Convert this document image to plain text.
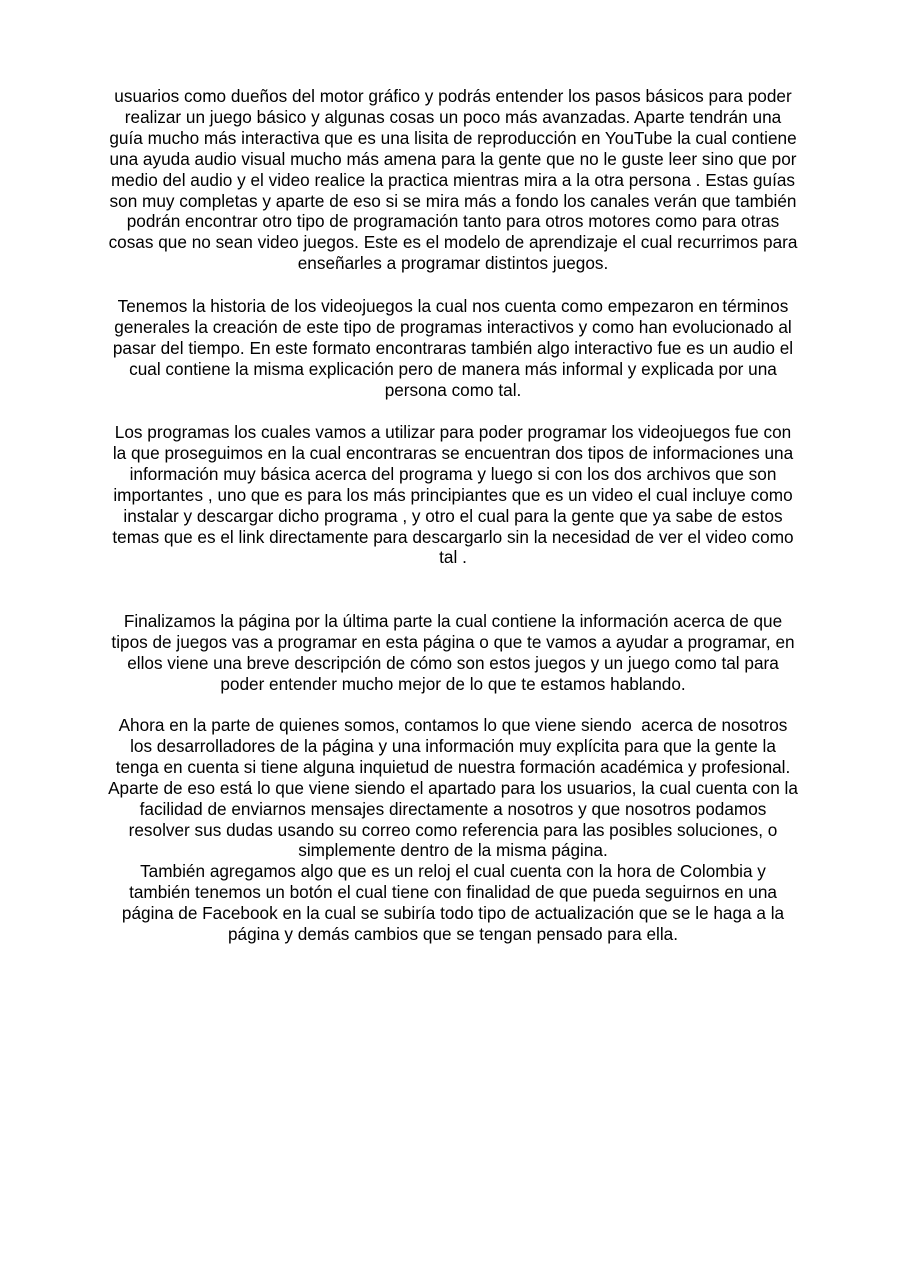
usuarios como dueños del motor gráfico y podrás entender los pasos básicos para poder
realizar un juego básico y algunas cosas un poco más avanzadas. Aparte tendrán una
guía mucho más interactiva que es una lisita de reproducción en YouTube la cual contiene
una ayuda audio visual mucho más amena para la gente que no le guste leer sino que por
medio del audio y el video realice la practica mientras mira a la otra persona . Estas guías
son muy completas y aparte de eso si se mira más a fondo los canales verán que también
podrán encontrar otro tipo de programación tanto para otros motores como para otras
cosas que no sean video juegos. Este es el modelo de aprendizaje el cual recurrimos para
enseñarles a programar distintos juegos.
Tenemos la historia de los videojuegos la cual nos cuenta como empezaron en términos
generales la creación de este tipo de programas interactivos y como han evolucionado al
pasar del tiempo. En este formato encontraras también algo interactivo fue es un audio el
cual contiene la misma explicación pero de manera más informal y explicada por una
persona como tal.
Los programas los cuales vamos a utilizar para poder programar los videojuegos fue con
la que proseguimos en la cual encontraras se encuentran dos tipos de informaciones una
información muy básica acerca del programa y luego si con los dos archivos que son
importantes , uno que es para los más principiantes que es un video el cual incluye como
instalar y descargar dicho programa , y otro el cual para la gente que ya sabe de estos
temas que es el link directamente para descargarlo sin la necesidad de ver el video como
tal .
Finalizamos la página por la última parte la cual contiene la información acerca de que
tipos de juegos vas a programar en esta página o que te vamos a ayudar a programar, en
ellos viene una breve descripción de cómo son estos juegos y un juego como tal para
poder entender mucho mejor de lo que te estamos hablando.
Ahora en la parte de quienes somos, contamos lo que viene siendo  acerca de nosotros
los desarrolladores de la página y una información muy explícita para que la gente la
tenga en cuenta si tiene alguna inquietud de nuestra formación académica y profesional.
Aparte de eso está lo que viene siendo el apartado para los usuarios, la cual cuenta con la
facilidad de enviarnos mensajes directamente a nosotros y que nosotros podamos
resolver sus dudas usando su correo como referencia para las posibles soluciones, o
simplemente dentro de la misma página.
También agregamos algo que es un reloj el cual cuenta con la hora de Colombia y
también tenemos un botón el cual tiene con finalidad de que pueda seguirnos en una
página de Facebook en la cual se subiría todo tipo de actualización que se le haga a la
página y demás cambios que se tengan pensado para ella.
